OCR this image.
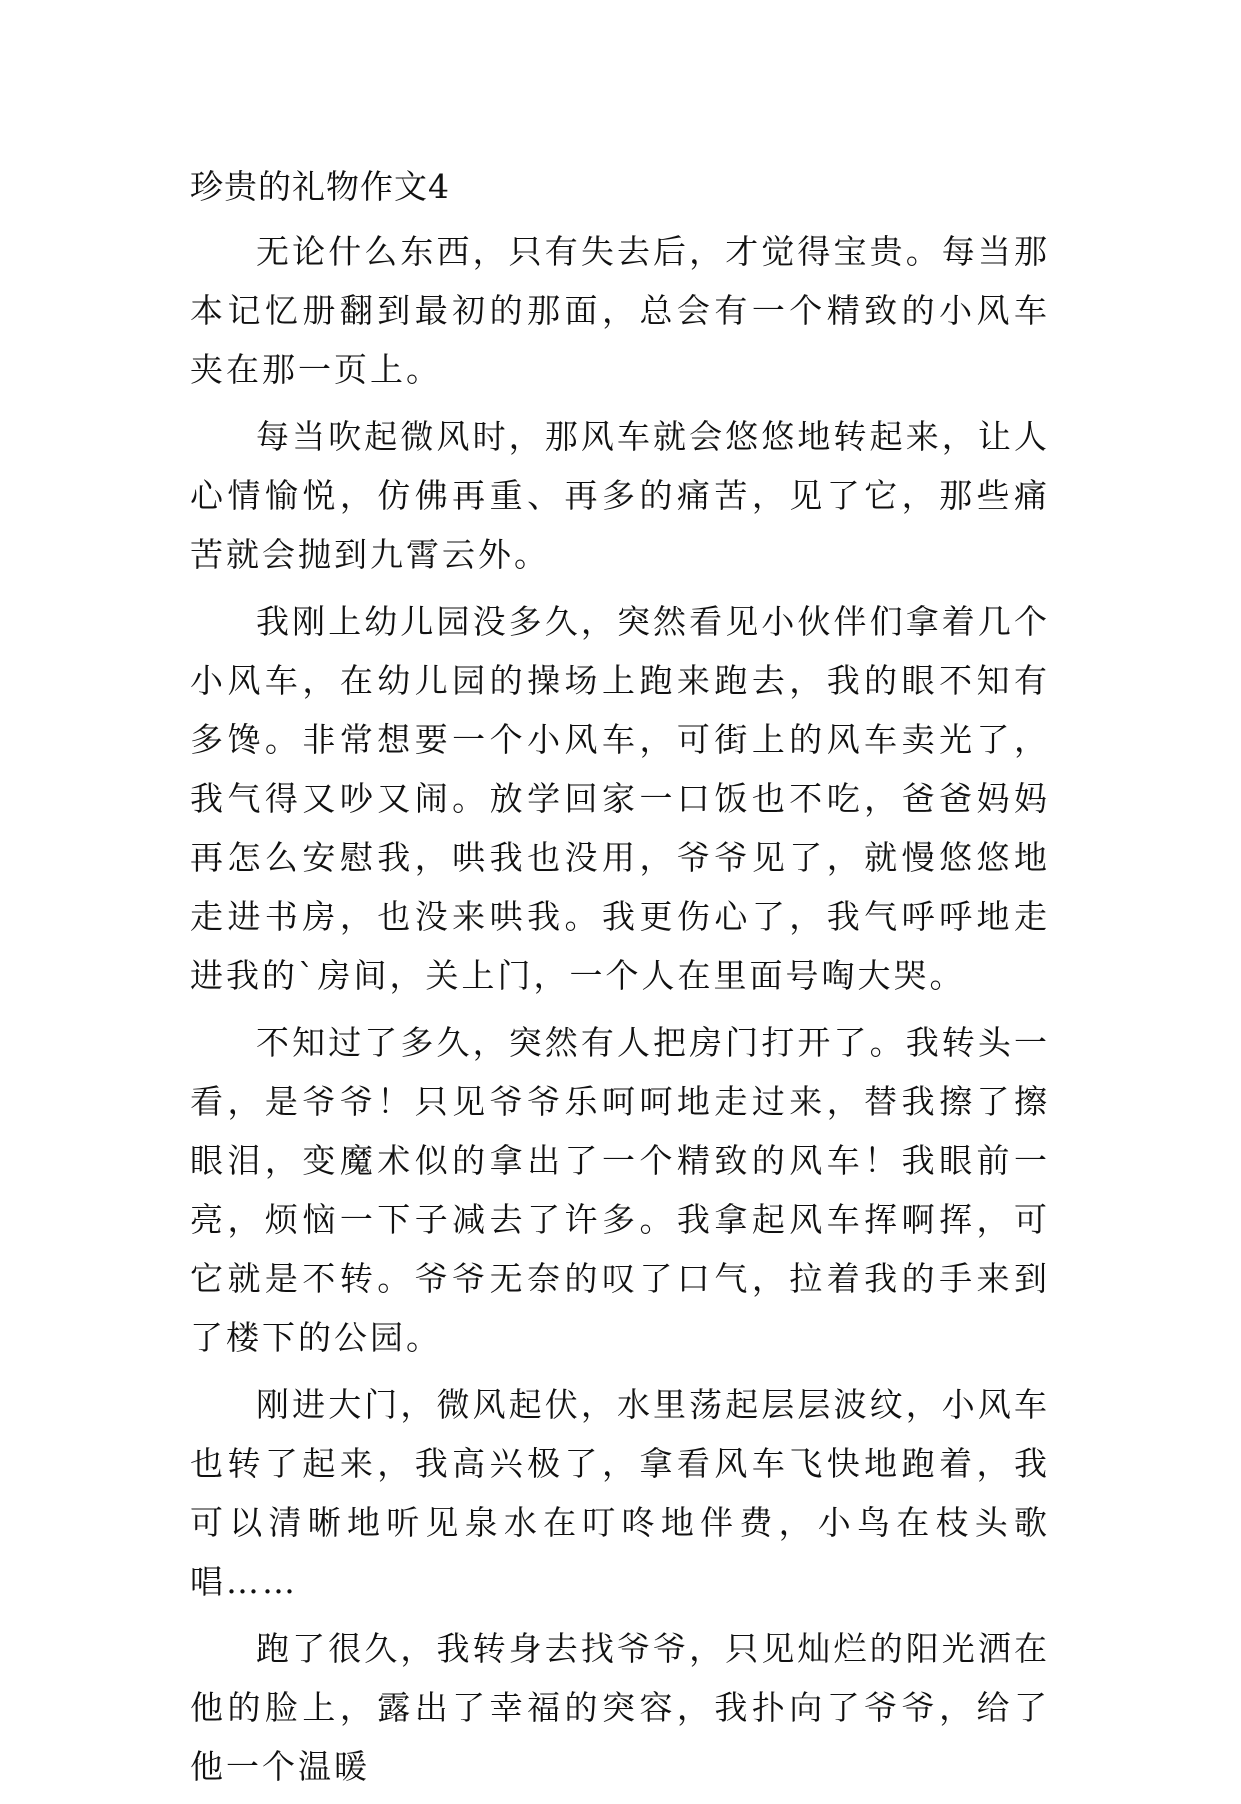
珍贵的礼物作文4

无论什么东西，只有失去后，才觉得宝贵。每当那本记忆册翻到最初的那面，总会有一个精致的小风车夹在那一页上。

每当吹起微风时，那风车就会悠悠地转起来，让人心情愉悦，仿佛再重、再多的痛苦，见了它，那些痛苦就会抛到九霄云外。

我刚上幼儿园没多久，突然看见小伙伴们拿着几个小风车，在幼儿园的操场上跑来跑去，我的眼不知有多馋。非常想要一个小风车，可街上的风车卖光了，我气得又吵又闹。放学回家一口饭也不吃，爸爸妈妈再怎么安慰我，哄我也没用，爷爷见了，就慢悠悠地走进书房，也没来哄我。我更伤心了，我气呼呼地走进我的`房间，关上门，一个人在里面号啕大哭。

不知过了多久，突然有人把房门打开了。我转头一看，是爷爷！只见爷爷乐呵呵地走过来，替我擦了擦眼泪，变魔术似的拿出了一个精致的风车！我眼前一亮，烦恼一下子减去了许多。我拿起风车挥啊挥，可它就是不转。爷爷无奈的叹了口气，拉着我的手来到了楼下的公园。

刚进大门，微风起伏，水里荡起层层波纹，小风车也转了起来，我高兴极了，拿看风车飞快地跑着，我可以清晰地听见泉水在叮咚地伴费，小鸟在枝头歌唱……

跑了很久，我转身去找爷爷，只见灿烂的阳光洒在他的脸上，露出了幸福的突容，我扑向了爷爷，给了他一个温暖
